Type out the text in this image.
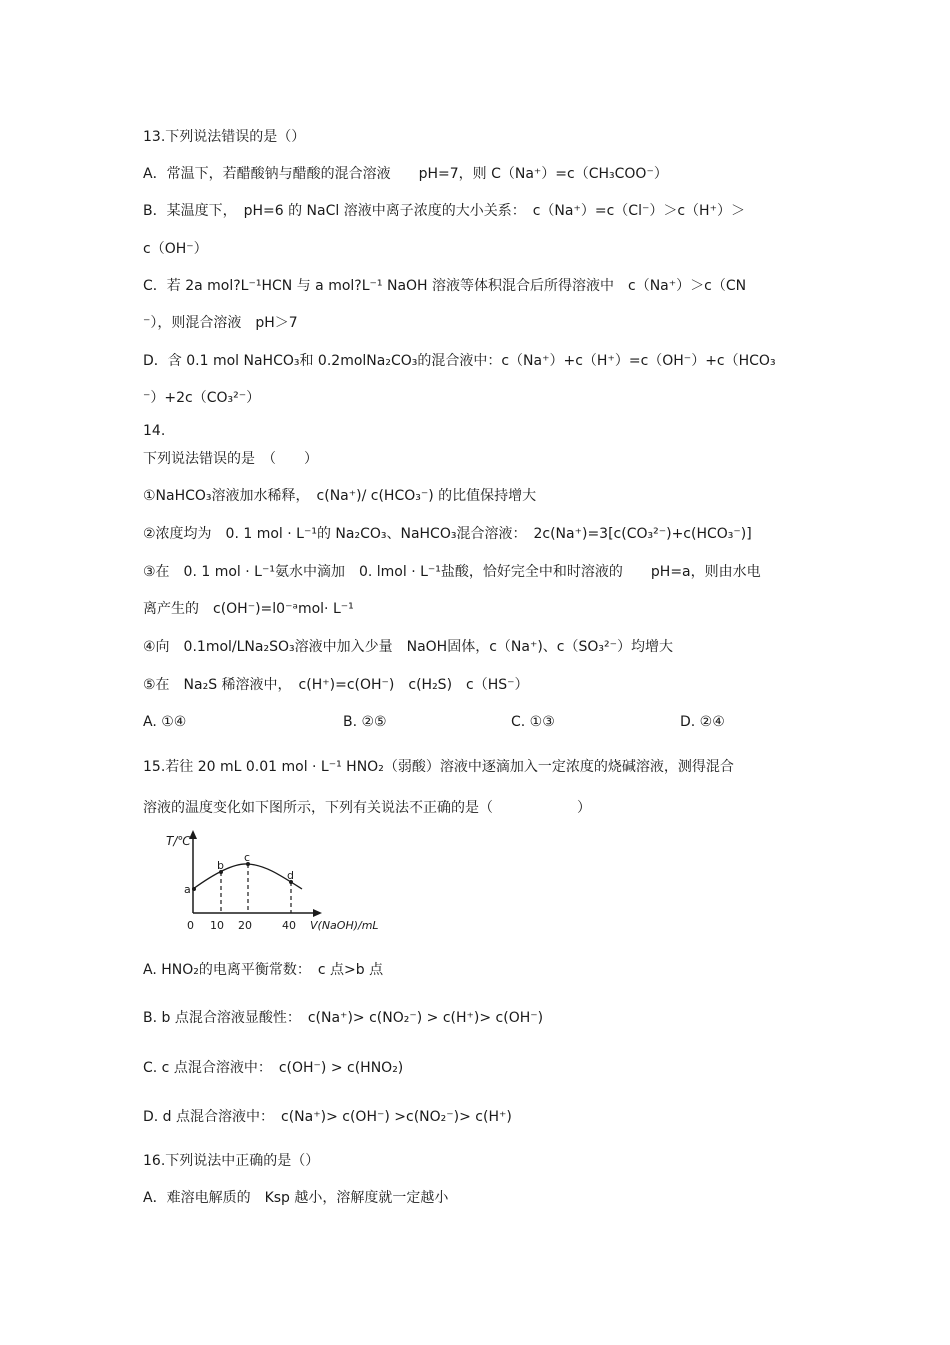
13.下列说法错误的是（）
A．常温下，若醋酸钠与醋酸的混合溶液　　pH=7，则 C（Na⁺）=c（CH₃COO⁻）
B．某温度下，　pH=6 的 NaCl 溶液中离子浓度的大小关系：　c（Na⁺）=c（Cl⁻）＞c（H⁺）＞
c（OH⁻）
C．若 2a mol?L⁻¹HCN 与 a mol?L⁻¹ NaOH 溶液等体积混合后所得溶液中　c（Na⁺）＞c（CN
⁻），则混合溶液　pH＞7
D．含 0.1 mol NaHCO₃和 0.2molNa₂CO₃的混合液中：c（Na⁺）+c（H⁺）=c（OH⁻）+c（HCO₃
⁻）+2c（CO₃²⁻）
14.
下列说法错误的是　（　　）
①NaHCO₃溶液加水稀释，　c(Na⁺)/ c(HCO₃⁻) 的比值保持增大
②浓度均为　0. 1 mol · L⁻¹的 Na₂CO₃、NaHCO₃混合溶液：　2c(Na⁺)=3[c(CO₃²⁻)+c(HCO₃⁻)]
③在　0. 1 mol · L⁻¹氨水中滴加　0. lmol · L⁻¹盐酸，恰好完全中和时溶液的　　pH=a，则由水电
离产生的　c(OH⁻)=l0⁻ᵃmol· L⁻¹
④向　0.1mol/LNa₂SO₃溶液中加入少量　NaOH固体，c（Na⁺)、c（SO₃²⁻）均增大
⑤在　Na₂S 稀溶液中，　c(H⁺)=c(OH⁻)　c(H₂S)　c（HS⁻）
A. ①④	B. ②⑤	C. ①③	D. ②④
15.若往 20 mL 0.01 mol · L⁻¹ HNO₂（弱酸）溶液中逐滴加入一定浓度的烧碱溶液，测得混合
溶液的温度变化如下图所示，下列有关说法不正确的是（　　　　　　）
T/℃
a
b
c
d
0 10 20	40 V(NaOH)/mL
A. HNO₂的电离平衡常数：　c 点>b 点
B. b 点混合溶液显酸性：　c(Na⁺)> c(NO₂⁻) > c(H⁺)> c(OH⁻)
C. c 点混合溶液中：　c(OH⁻) > c(HNO₂)
D. d 点混合溶液中：　c(Na⁺)> c(OH⁻) >c(NO₂⁻)> c(H⁺)
16.下列说法中正确的是（）
A．难溶电解质的　Ksp 越小，溶解度就一定越小
